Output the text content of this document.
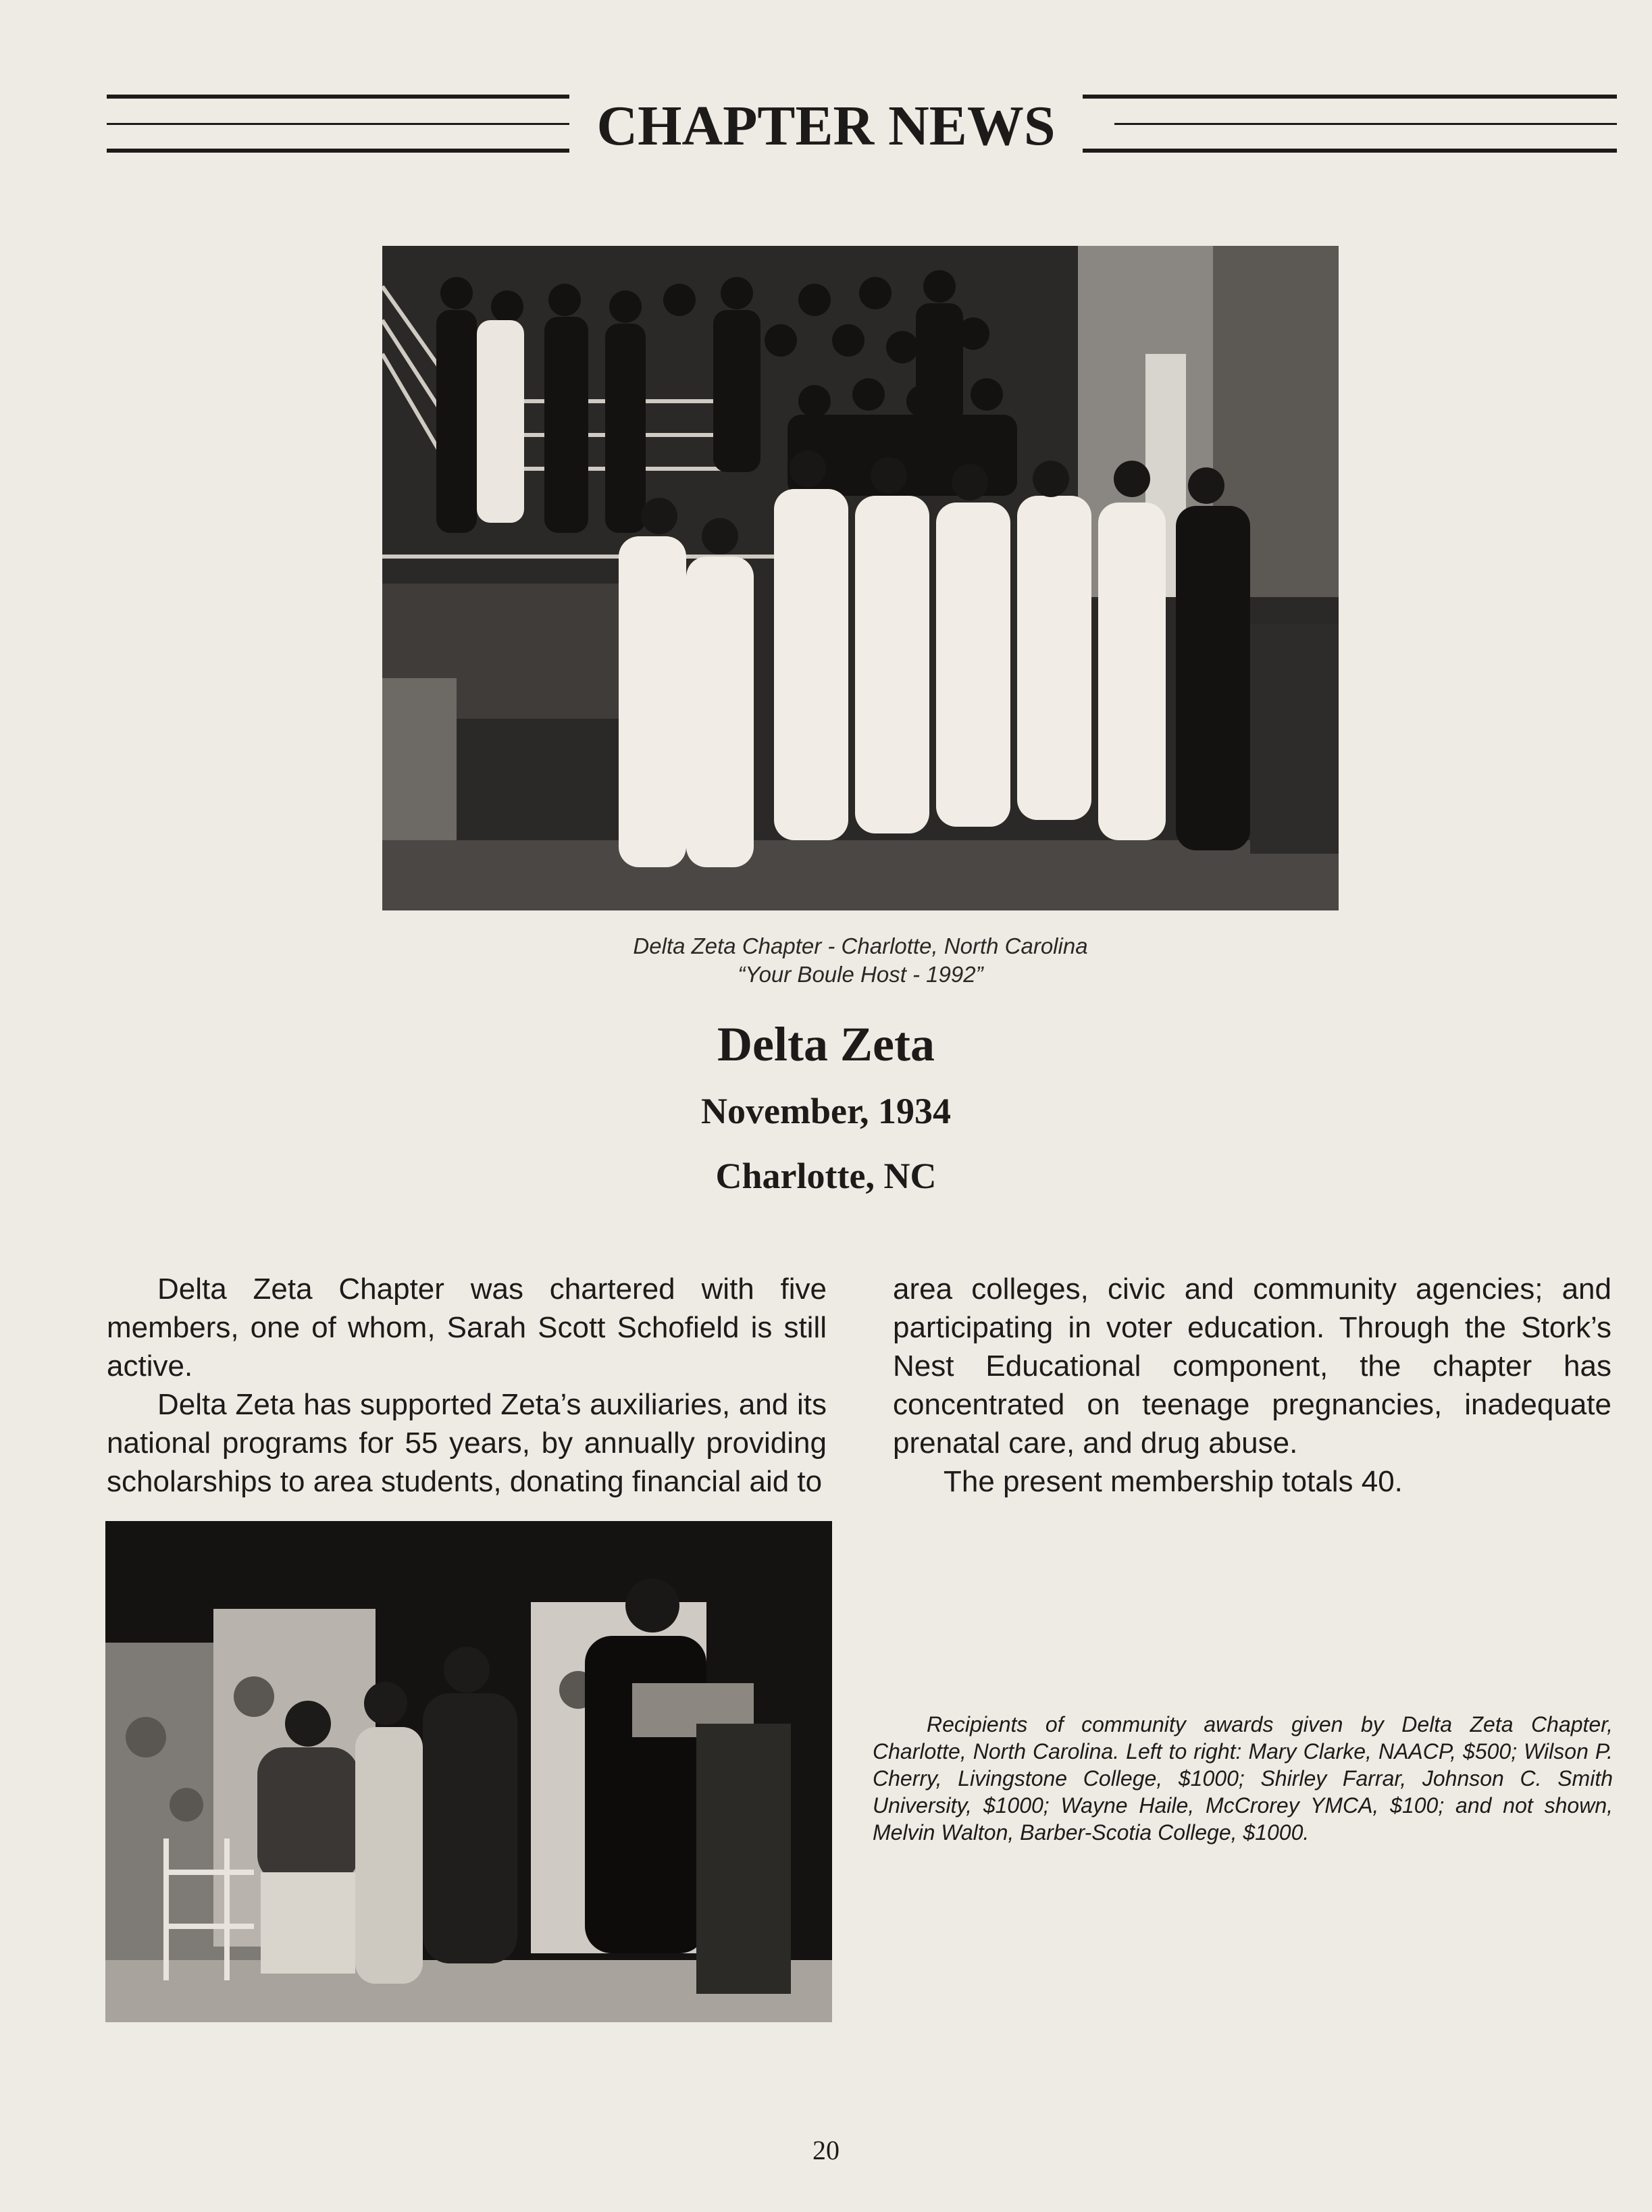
CHAPTER NEWS
Delta Zeta Chapter - Charlotte, North Carolina
“Your Boule Host - 1992”
Delta Zeta
November, 1934
Charlotte, NC

Delta Zeta Chapter was chartered with five members, one of whom, Sarah Scott Schofield is still active.

Delta Zeta has supported Zeta’s auxiliaries, and its national programs for 55 years, by annually providing scholarships to area students, donating financial aid to

area colleges, civic and community agencies; and participating in voter education. Through the Stork’s Nest Educational component, the chapter has concentrated on teenage pregnancies, inadequate prenatal care, and drug abuse.

The present membership totals 40.

Recipients of community awards given by Delta Zeta Chapter, Charlotte, North Carolina. Left to right: Mary Clarke, NAACP, $500; Wilson P. Cherry, Livingstone College, $1000; Shirley Farrar, Johnson C. Smith University, $1000; Wayne Haile, McCrorey YMCA, $100; and not shown, Melvin Walton, Barber-Scotia College, $1000.
20
